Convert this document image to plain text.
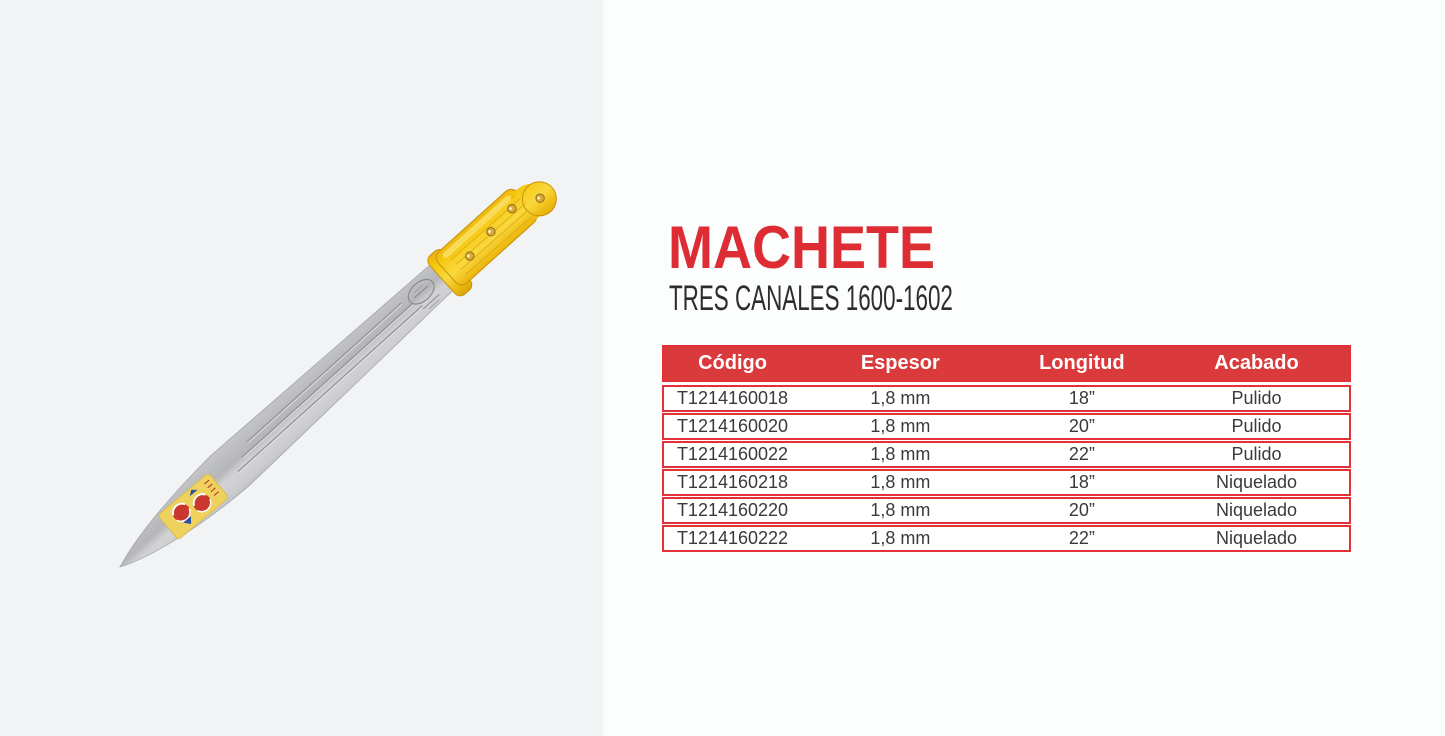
MACHETE
TRES CANALES 1600-1602
Código	Espesor	Longitud	Acabado
T1214160018	1,8 mm	18”	Pulido
T1214160020	1,8 mm	20”	Pulido
T1214160022	1,8 mm	22”	Pulido
T1214160218	1,8 mm	18”	Niquelado
T1214160220	1,8 mm	20”	Niquelado
T1214160222	1,8 mm	22”	Niquelado
